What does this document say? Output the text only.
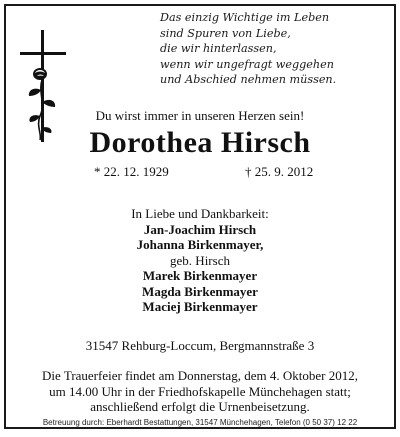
Das einzig Wichtige im Leben
sind Spuren von Liebe,
die wir hinterlassen,
wenn wir ungefragt weggehen
und Abschied nehmen müssen.
Du wirst immer in unseren Herzen sein!
Dorothea Hirsch
* 22. 12. 1929	† 25. 9. 2012
In Liebe und Dankbarkeit:
Jan-Joachim Hirsch
Johanna Birkenmayer,
geb. Hirsch
Marek Birkenmayer
Magda Birkenmayer
Maciej Birkenmayer
31547 Rehburg-Loccum, Bergmannstraße 3
Die Trauerfeier findet am Donnerstag, dem 4. Oktober 2012,
um 14.00 Uhr in der Friedhofskapelle Münchehagen statt;
anschließend erfolgt die Urnenbeisetzung.
Betreuung durch: Eberhardt Bestattungen, 31547 Münchehagen, Telefon (0 50 37) 12 22
